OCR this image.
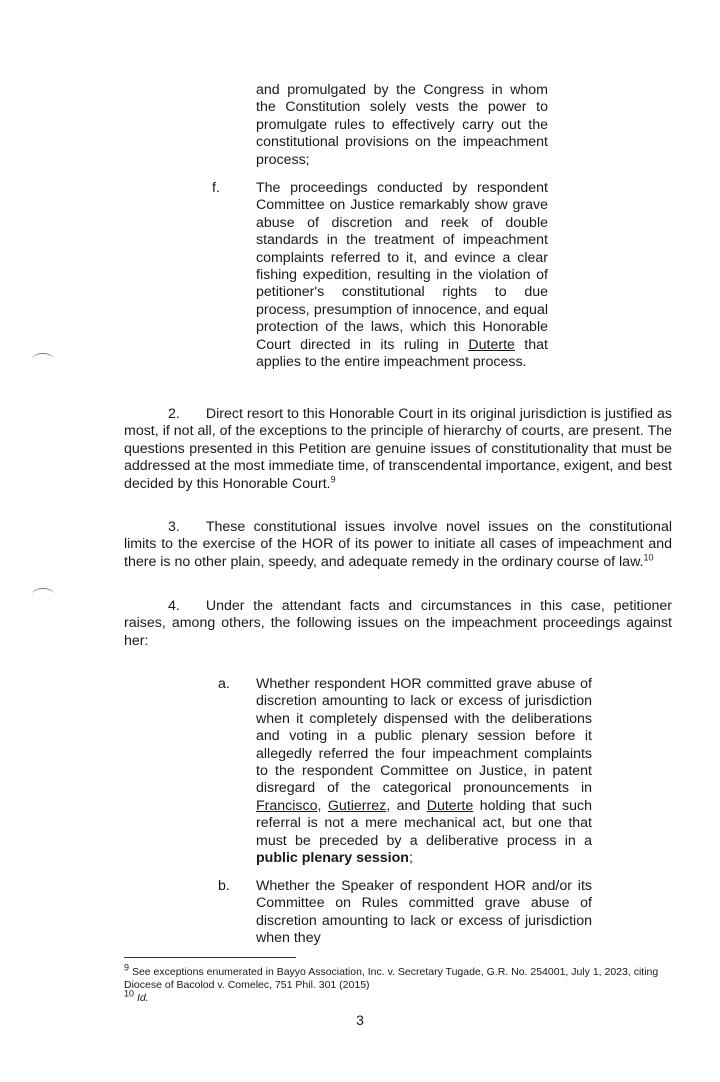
and promulgated by the Congress in whom the Constitution solely vests the power to promulgate rules to effectively carry out the constitutional provisions on the impeachment process;
f.	The proceedings conducted by respondent Committee on Justice remarkably show grave abuse of discretion and reek of double standards in the treatment of impeachment complaints referred to it, and evince a clear fishing expedition, resulting in the violation of petitioner's constitutional rights to due process, presumption of innocence, and equal protection of the laws, which this Honorable Court directed in its ruling in Duterte that applies to the entire impeachment process.
2. Direct resort to this Honorable Court in its original jurisdiction is justified as most, if not all, of the exceptions to the principle of hierarchy of courts, are present. The questions presented in this Petition are genuine issues of constitutionality that must be addressed at the most immediate time, of transcendental importance, exigent, and best decided by this Honorable Court.$^9$
3. These constitutional issues involve novel issues on the constitutional limits to the exercise of the HOR of its power to initiate all cases of impeachment and there is no other plain, speedy, and adequate remedy in the ordinary course of law.$^{10}$
4. Under the attendant facts and circumstances in this case, petitioner raises, among others, the following issues on the impeachment proceedings against her:
a. Whether respondent HOR committed grave abuse of discretion amounting to lack or excess of jurisdiction when it completely dispensed with the deliberations and voting in a public plenary session before it allegedly referred the four impeachment complaints to the respondent Committee on Justice, in patent disregard of the categorical pronouncements in Francisco, Gutierrez, and Duterte holding that such referral is not a mere mechanical act, but one that must be preceded by a deliberative process in a public plenary session;
b. Whether the Speaker of respondent HOR and/or its Committee on Rules committed grave abuse of discretion amounting to lack or excess of jurisdiction when they
9 See exceptions enumerated in Bayyo Association, Inc. v. Secretary Tugade, G.R. No. 254001, July 1, 2023, citing Diocese of Bacolod v. Comelec, 751 Phil. 301 (2015)
10 Id.
3
